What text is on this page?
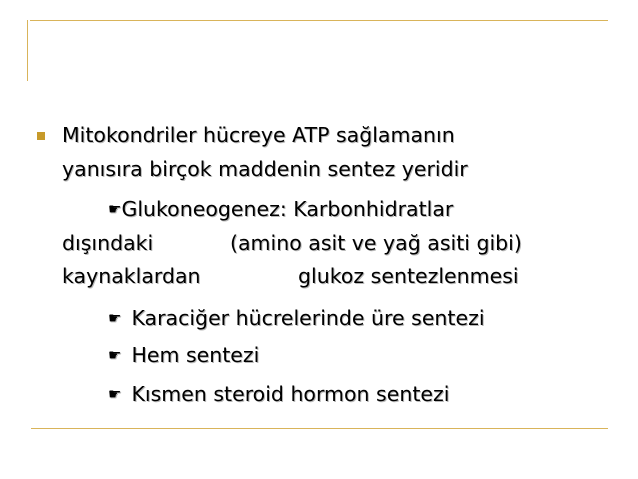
Mitokondriler hücreye ATP sağlamanın
yanısıra birçok maddenin sentez yeridir
☛Glukoneogenez: Karbonhidratlar
dışındaki	(amino asit ve yağ asiti gibi)
kaynaklardan	glukoz sentezlenmesi
☛ Karaciğer hücrelerinde üre sentezi
☛ Hem sentezi
☛ Kısmen steroid hormon sentezi
